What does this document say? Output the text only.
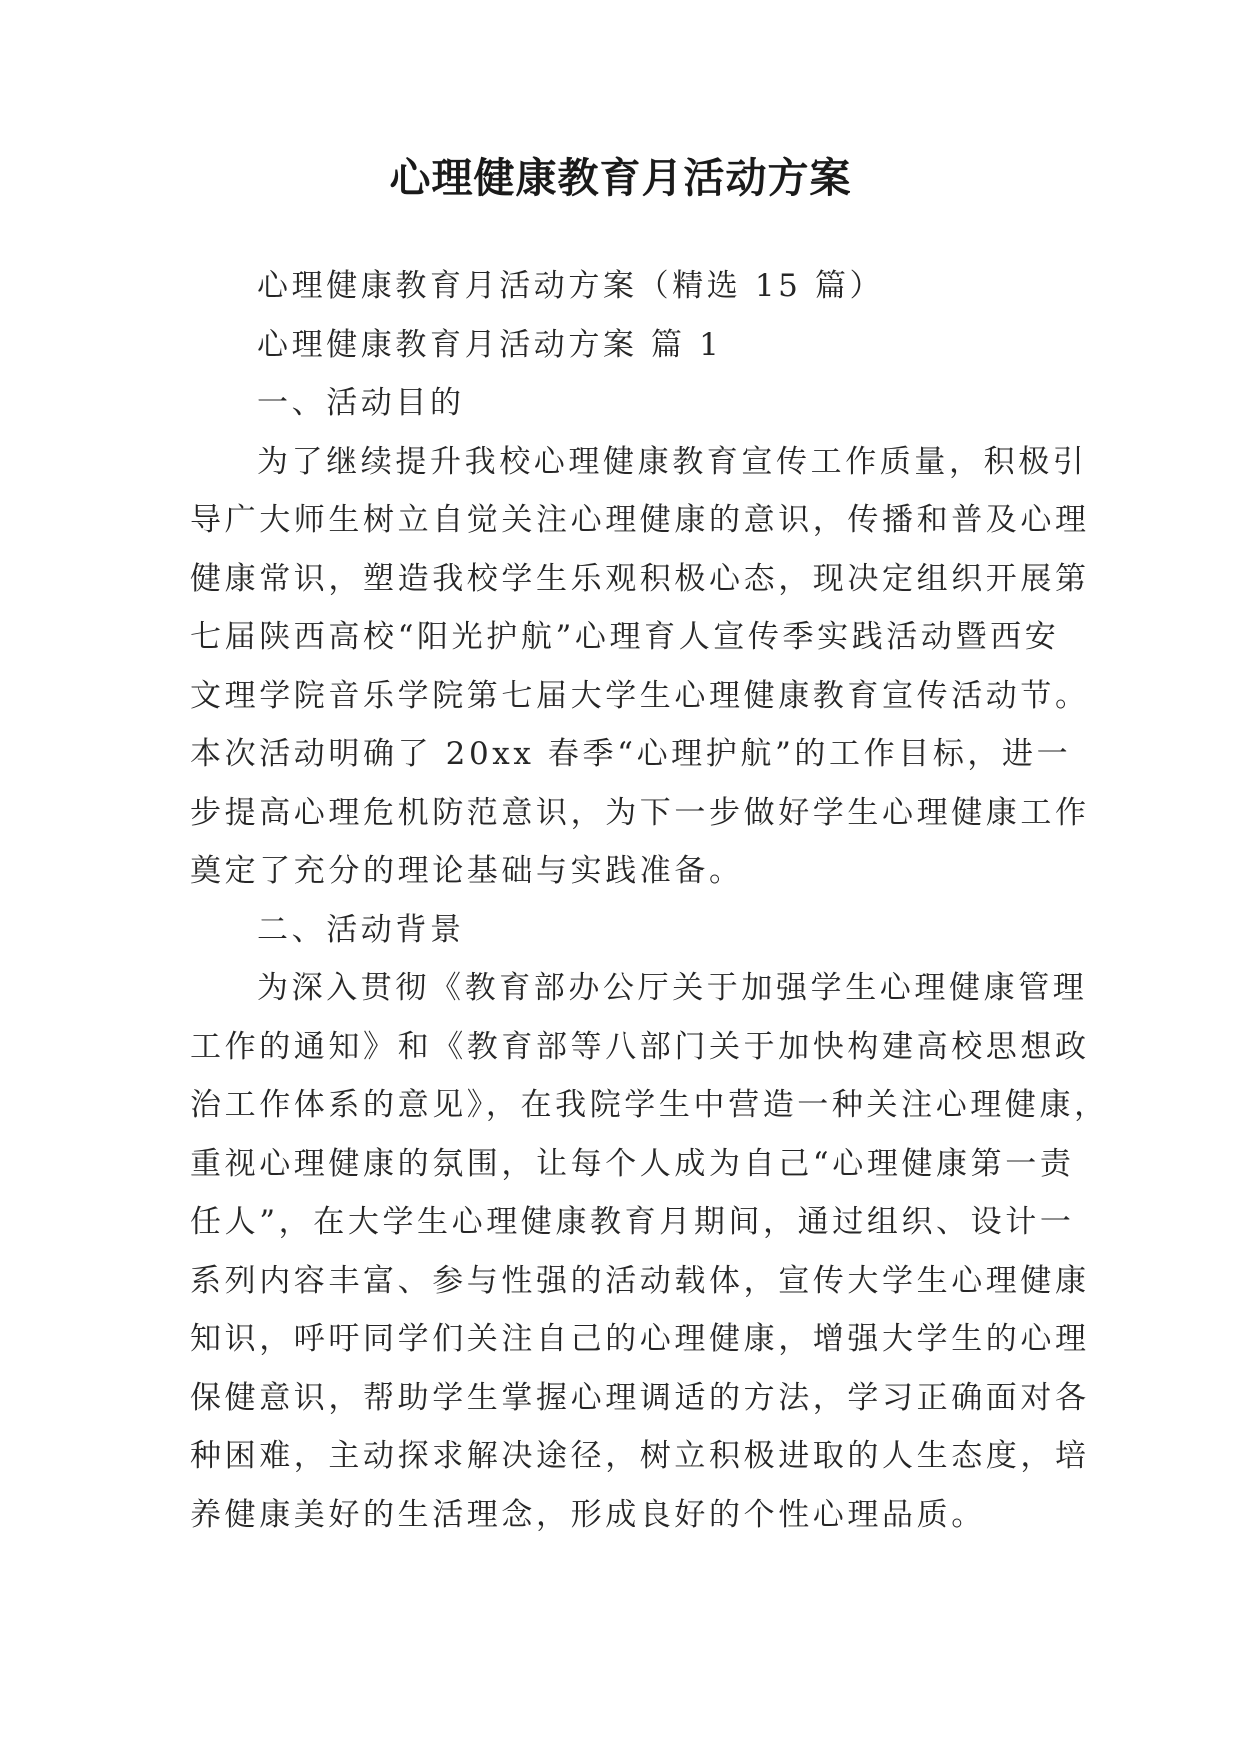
心理健康教育月活动方案
心理健康教育月活动方案（精选 15 篇）
心理健康教育月活动方案 篇 1
一、活动目的
为了继续提升我校心理健康教育宣传工作质量，积极引
导广大师生树立自觉关注心理健康的意识，传播和普及心理
健康常识，塑造我校学生乐观积极心态，现决定组织开展第
七届陕西高校“阳光护航”心理育人宣传季实践活动暨西安
文理学院音乐学院第七届大学生心理健康教育宣传活动节。
本次活动明确了 20xx 春季“心理护航”的工作目标，进一
步提高心理危机防范意识，为下一步做好学生心理健康工作
奠定了充分的理论基础与实践准备。
二、活动背景
为深入贯彻《教育部办公厅关于加强学生心理健康管理
工作的通知》和《教育部等八部门关于加快构建高校思想政
治工作体系的意见》，在我院学生中营造一种关注心理健康，
重视心理健康的氛围，让每个人成为自己“心理健康第一责
任人”，在大学生心理健康教育月期间，通过组织、设计一
系列内容丰富、参与性强的活动载体，宣传大学生心理健康
知识，呼吁同学们关注自己的心理健康，增强大学生的心理
保健意识，帮助学生掌握心理调适的方法，学习正确面对各
种困难，主动探求解决途径，树立积极进取的人生态度，培
养健康美好的生活理念，形成良好的个性心理品质。
